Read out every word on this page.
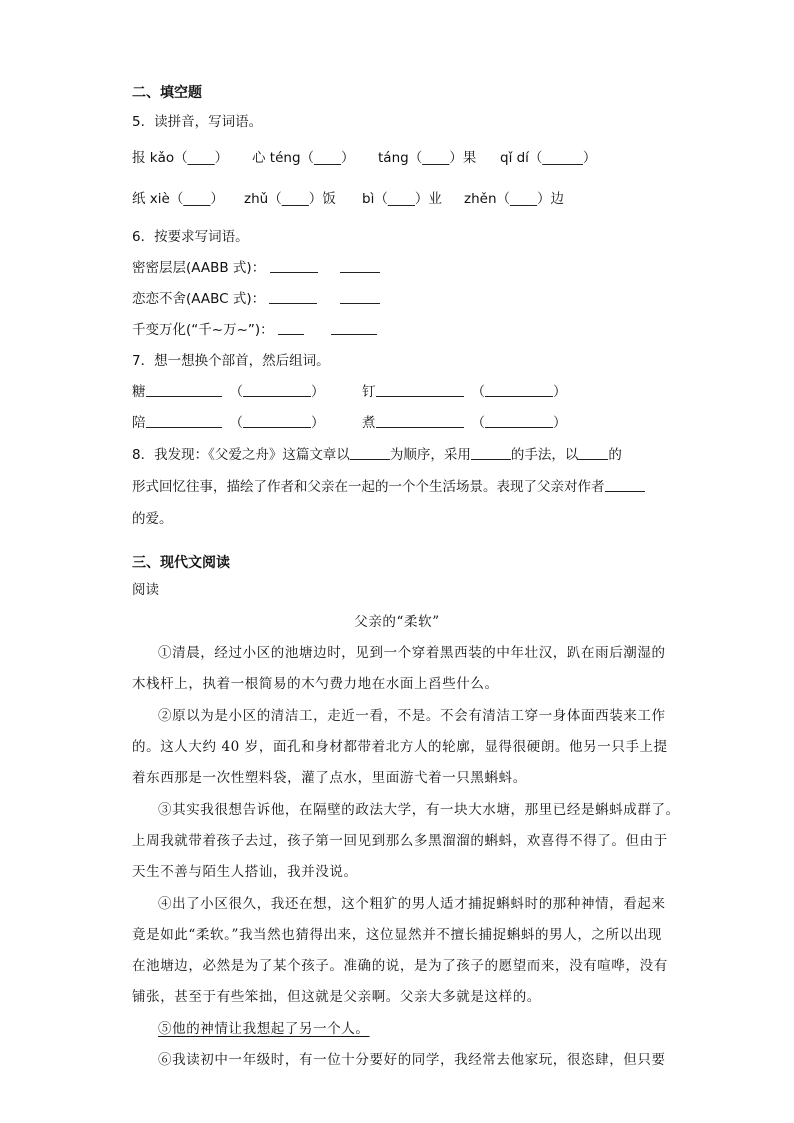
二、填空题
5．读拼音，写词语。
报 kǎo（____） 心 téng（____） táng（____）果 qǐ dí（______）
纸 xiè（____） zhǔ（____）饭 bì（____）业 zhěn（____）边
6．按要求写词语。
密密层层(AABB 式)：
恋恋不舍(AABC 式)：
千变万化(“千~万~”)：
7．想一想换个部首，然后组词。
糖	（	）	钉	（	）
陪	（	）	煮	（	）
8．我发现：《父爱之舟》这篇文章以	为顺序，采用	的手法，以 的
形式回忆往事，描绘了作者和父亲在一起的一个个生活场景。表现了父亲对作者
的爱。
三、现代文阅读
阅读
父亲的“柔软”
①清晨，经过小区的池塘边时，见到一个穿着黑西装的中年壮汉，趴在雨后潮湿的
木栈杆上，执着一根简易的木勺费力地在水面上舀些什么。
②原以为是小区的清洁工，走近一看，不是。不会有清洁工穿一身体面西装来工作
的。这人大约 40 岁，面孔和身材都带着北方人的轮廓，显得很硬朗。他另一只手上提
着东西那是一次性塑料袋，灌了点水，里面游弋着一只黑蝌蚪。
③其实我很想告诉他，在隔壁的政法大学，有一块大水塘，那里已经是蝌蚪成群了。
上周我就带着孩子去过，孩子第一回见到那么多黑溜溜的蝌蚪，欢喜得不得了。但由于
天生不善与陌生人搭讪，我并没说。
④出了小区很久，我还在想，这个粗犷的男人适才捕捉蝌蚪时的那种神情，看起来
竟是如此“柔软。”我当然也猜得出来，这位显然并不擅长捕捉蝌蚪的男人，之所以出现
在池塘边，必然是为了某个孩子。准确的说，是为了孩子的愿望而来，没有喧哗，没有
铺张，甚至于有些笨拙，但这就是父亲啊。父亲大多就是这样的。
⑤他的神情让我想起了另一个人。
⑥我读初中一年级时，有一位十分要好的同学，我经常去他家玩，很恣肆，但只要
